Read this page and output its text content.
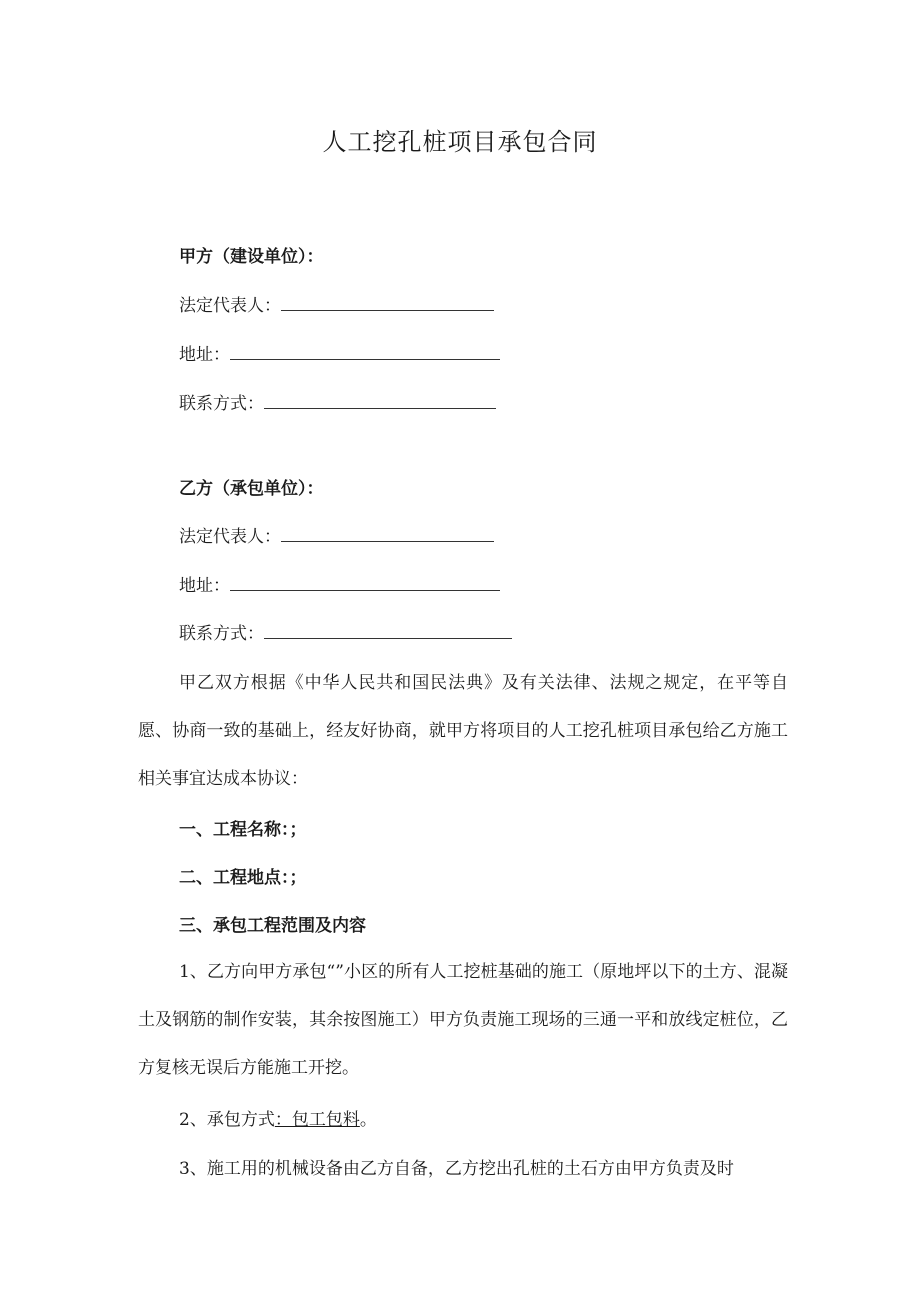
人工挖孔桩项目承包合同
甲方（建设单位）：
法定代表人：
地址：
联系方式：
乙方（承包单位）：
法定代表人：
地址：
联系方式：
甲乙双方根据《中华人民共和国民法典》及有关法律、法规之规定，在平等自愿、协商一致的基础上，经友好协商，就甲方将项目的人工挖孔桩项目承包给乙方施工相关事宜达成本协议：
一、工程名称：；
二、工程地点：；
三、承包工程范围及内容
1、乙方向甲方承包“”小区的所有人工挖桩基础的施工（原地坪以下的土方、混凝土及钢筋的制作安装，其余按图施工）甲方负责施工现场的三通一平和放线定桩位，乙方复核无误后方能施工开挖。
2、承包方式：包工包料。
3、施工用的机械设备由乙方自备，乙方挖出孔桩的土石方由甲方负责及时
